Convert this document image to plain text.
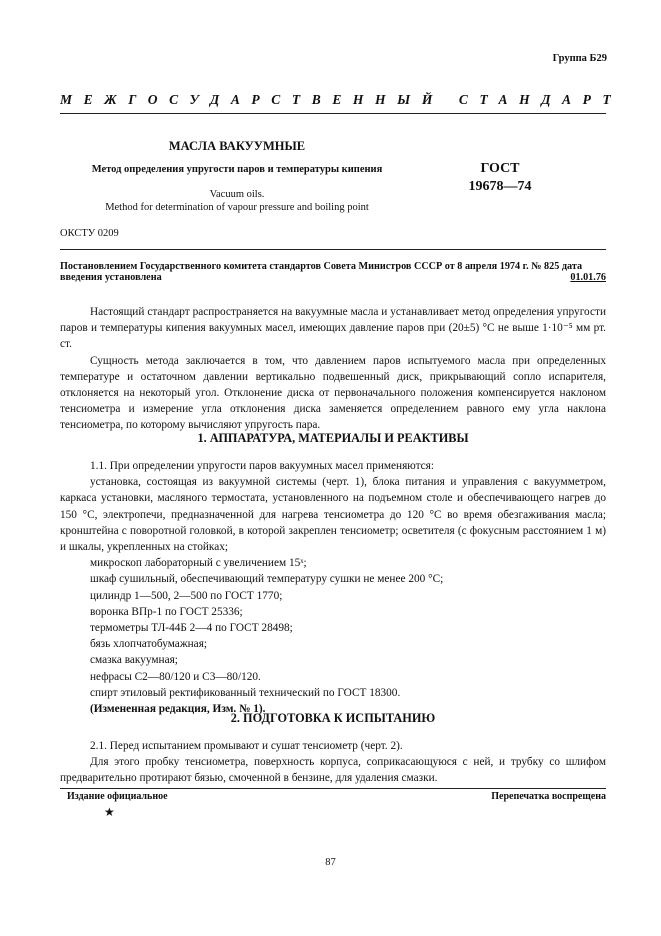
Группа Б29
МЕЖГОСУДАРСТВЕННЫЙ СТАНДАРТ
МАСЛА ВАКУУМНЫЕ
Метод определения упругости паров и температуры кипения	ГОСТ
19678—74
Vacuum oils.
Method for determination of vapour pressure and boiling point
ОКСТУ 0209
Постановлением Государственного комитета стандартов Совета Министров СССР от 8 апреля 1974 г. № 825 дата введения установлена	01.01.76

Настоящий стандарт распространяется на вакуумные масла и устанавливает метод определения упругости паров и температуры кипения вакуумных масел, имеющих давление паров при (20±5) °С не выше 1·10⁻⁵ мм рт. ст.

Сущность метода заключается в том, что давлением паров испытуемого масла при определенных температуре и остаточном давлении вертикально подвешенный диск, прикрывающий сопло испарителя, отклоняется на некоторый угол. Отклонение диска от первоначального положения компенсируется наклоном тенсиометра и измерение угла отклонения диска заменяется определением равного ему угла наклона тенсиометра, по которому вычисляют упругость пара.

1. АППАРАТУРА, МАТЕРИАЛЫ И РЕАКТИВЫ

1.1. При определении упругости паров вакуумных масел применяются:

установка, состоящая из вакуумной системы (черт. 1), блока питания и управления с вакуумметром, каркаса установки, масляного термостата, установленного на подъемном столе и обеспечивающего нагрев до 150 °С, электропечи, предназначенной для нагрева тенсиометра до 120 °С во время обезгаживания масла; кронштейна с поворотной головкой, в которой закреплен тенсиометр; осветителя (с фокусным расстоянием 1 м) и шкалы, укрепленных на стойках;

микроскоп лабораторный с увеличением 15ˣ;

шкаф сушильный, обеспечивающий температуру сушки не менее 200 °С;

цилиндр 1—500, 2—500 по ГОСТ 1770;

воронка ВПр-1 по ГОСТ 25336;

термометры ТЛ-44Б 2—4 по ГОСТ 28498;

бязь хлопчатобумажная;

смазка вакуумная;

нефрасы С2—80/120 и С3—80/120.

спирт этиловый ректификованный технический по ГОСТ 18300.

(Измененная редакция, Изм. № 1).

2. ПОДГОТОВКА К ИСПЫТАНИЮ

2.1. Перед испытанием промывают и сушат тенсиометр (черт. 2).

Для этого пробку тенсиометра, поверхность корпуса, соприкасающуюся с ней, и трубку со шлифом предварительно протирают бязью, смоченной в бензине, для удаления смазки.

Издание официальное	Перепечатка воспрещена
★
87
